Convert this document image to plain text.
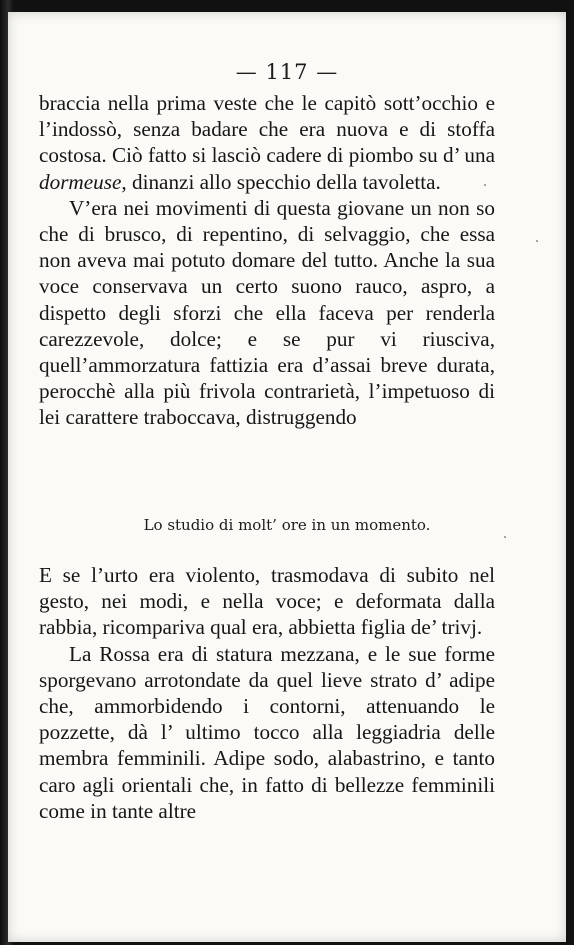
— 117 —

braccia nella prima veste che le capitò sott’occhio e l’indossò, senza badare che era nuova e di stoffa costosa. Ciò fatto si lasciò cadere di piombo su d’ una dormeuse, dinanzi allo specchio della tavoletta.

V’era nei movimenti di questa giovane un non so che di brusco, di repentino, di selvaggio, che essa non aveva mai potuto domare del tutto. Anche la sua voce conservava un certo suono rauco, aspro, a dispetto degli sforzi che ella faceva per renderla carezzevole, dolce; e se pur vi riusciva, quell’ammorzatura fattizia era d’assai breve durata, perocchè alla più frivola contrarietà, l’impetuoso di lei carattere traboccava, distruggendo

Lo studio di molt’ ore in un momento.

E se l’urto era violento, trasmodava di subito nel gesto, nei modi, e nella voce; e deformata dalla rabbia, ricompariva qual era, abbietta figlia de’ trivj.

La Rossa era di statura mezzana, e le sue forme sporgevano arrotondate da quel lieve strato d’ adipe che, ammorbidendo i contorni, attenuando le pozzette, dà l’ ultimo tocco alla leggiadria delle membra femminili. Adipe sodo, alabastrino, e tanto caro agli orientali che, in fatto di bellezze femminili come in tante altre
